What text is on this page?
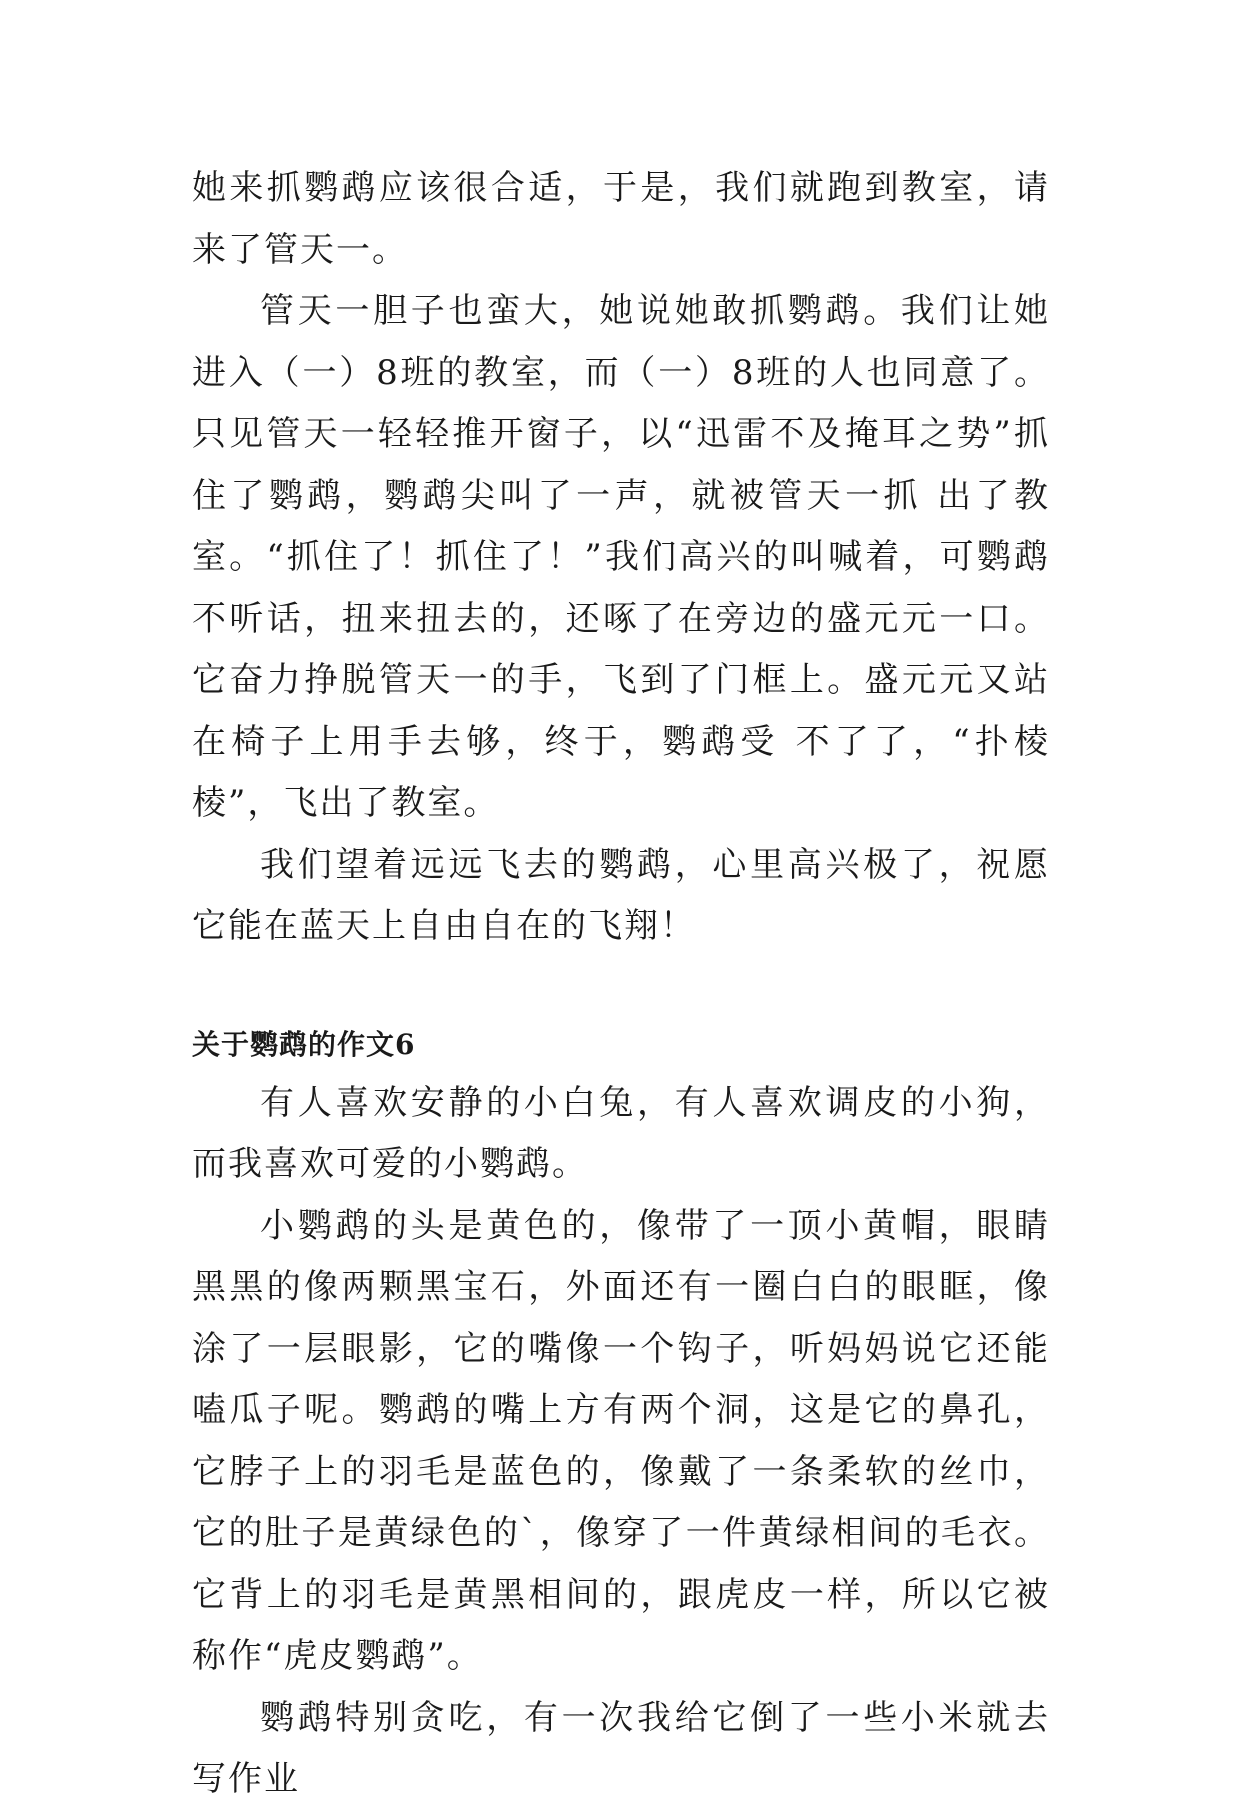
她来抓鹦鹉应该很合适，于是，我们就跑到教室，请来了管天一。

管天一胆子也蛮大，她说她敢抓鹦鹉。我们让她进入（一）8班的教室，而（一）8班的人也同意了。只见管天一轻轻推开窗子，以“迅雷不及掩耳之势”抓住了鹦鹉，鹦鹉尖叫了一声，就被管天一抓 出了教室。“抓住了！抓住了！”我们高兴的叫喊着，可鹦鹉不听话，扭来扭去的，还啄了在旁边的盛元元一口。它奋力挣脱管天一的手，飞到了门框上。盛元元又站在椅子上用手去够，终于，鹦鹉受 不了了，“扑棱棱”，飞出了教室。

我们望着远远飞去的鹦鹉，心里高兴极了，祝愿它能在蓝天上自由自在的飞翔！

关于鹦鹉的作文6

有人喜欢安静的小白兔，有人喜欢调皮的小狗，而我喜欢可爱的小鹦鹉。

小鹦鹉的头是黄色的，像带了一顶小黄帽，眼睛黑黑的像两颗黑宝石，外面还有一圈白白的眼眶，像涂了一层眼影，它的嘴像一个钩子，听妈妈说它还能嗑瓜子呢。鹦鹉的嘴上方有两个洞，这是它的鼻孔，它脖子上的羽毛是蓝色的，像戴了一条柔软的丝巾，它的肚子是黄绿色的`，像穿了一件黄绿相间的毛衣。它背上的羽毛是黄黑相间的，跟虎皮一样，所以它被称作“虎皮鹦鹉”。

鹦鹉特别贪吃，有一次我给它倒了一些小米就去写作业
